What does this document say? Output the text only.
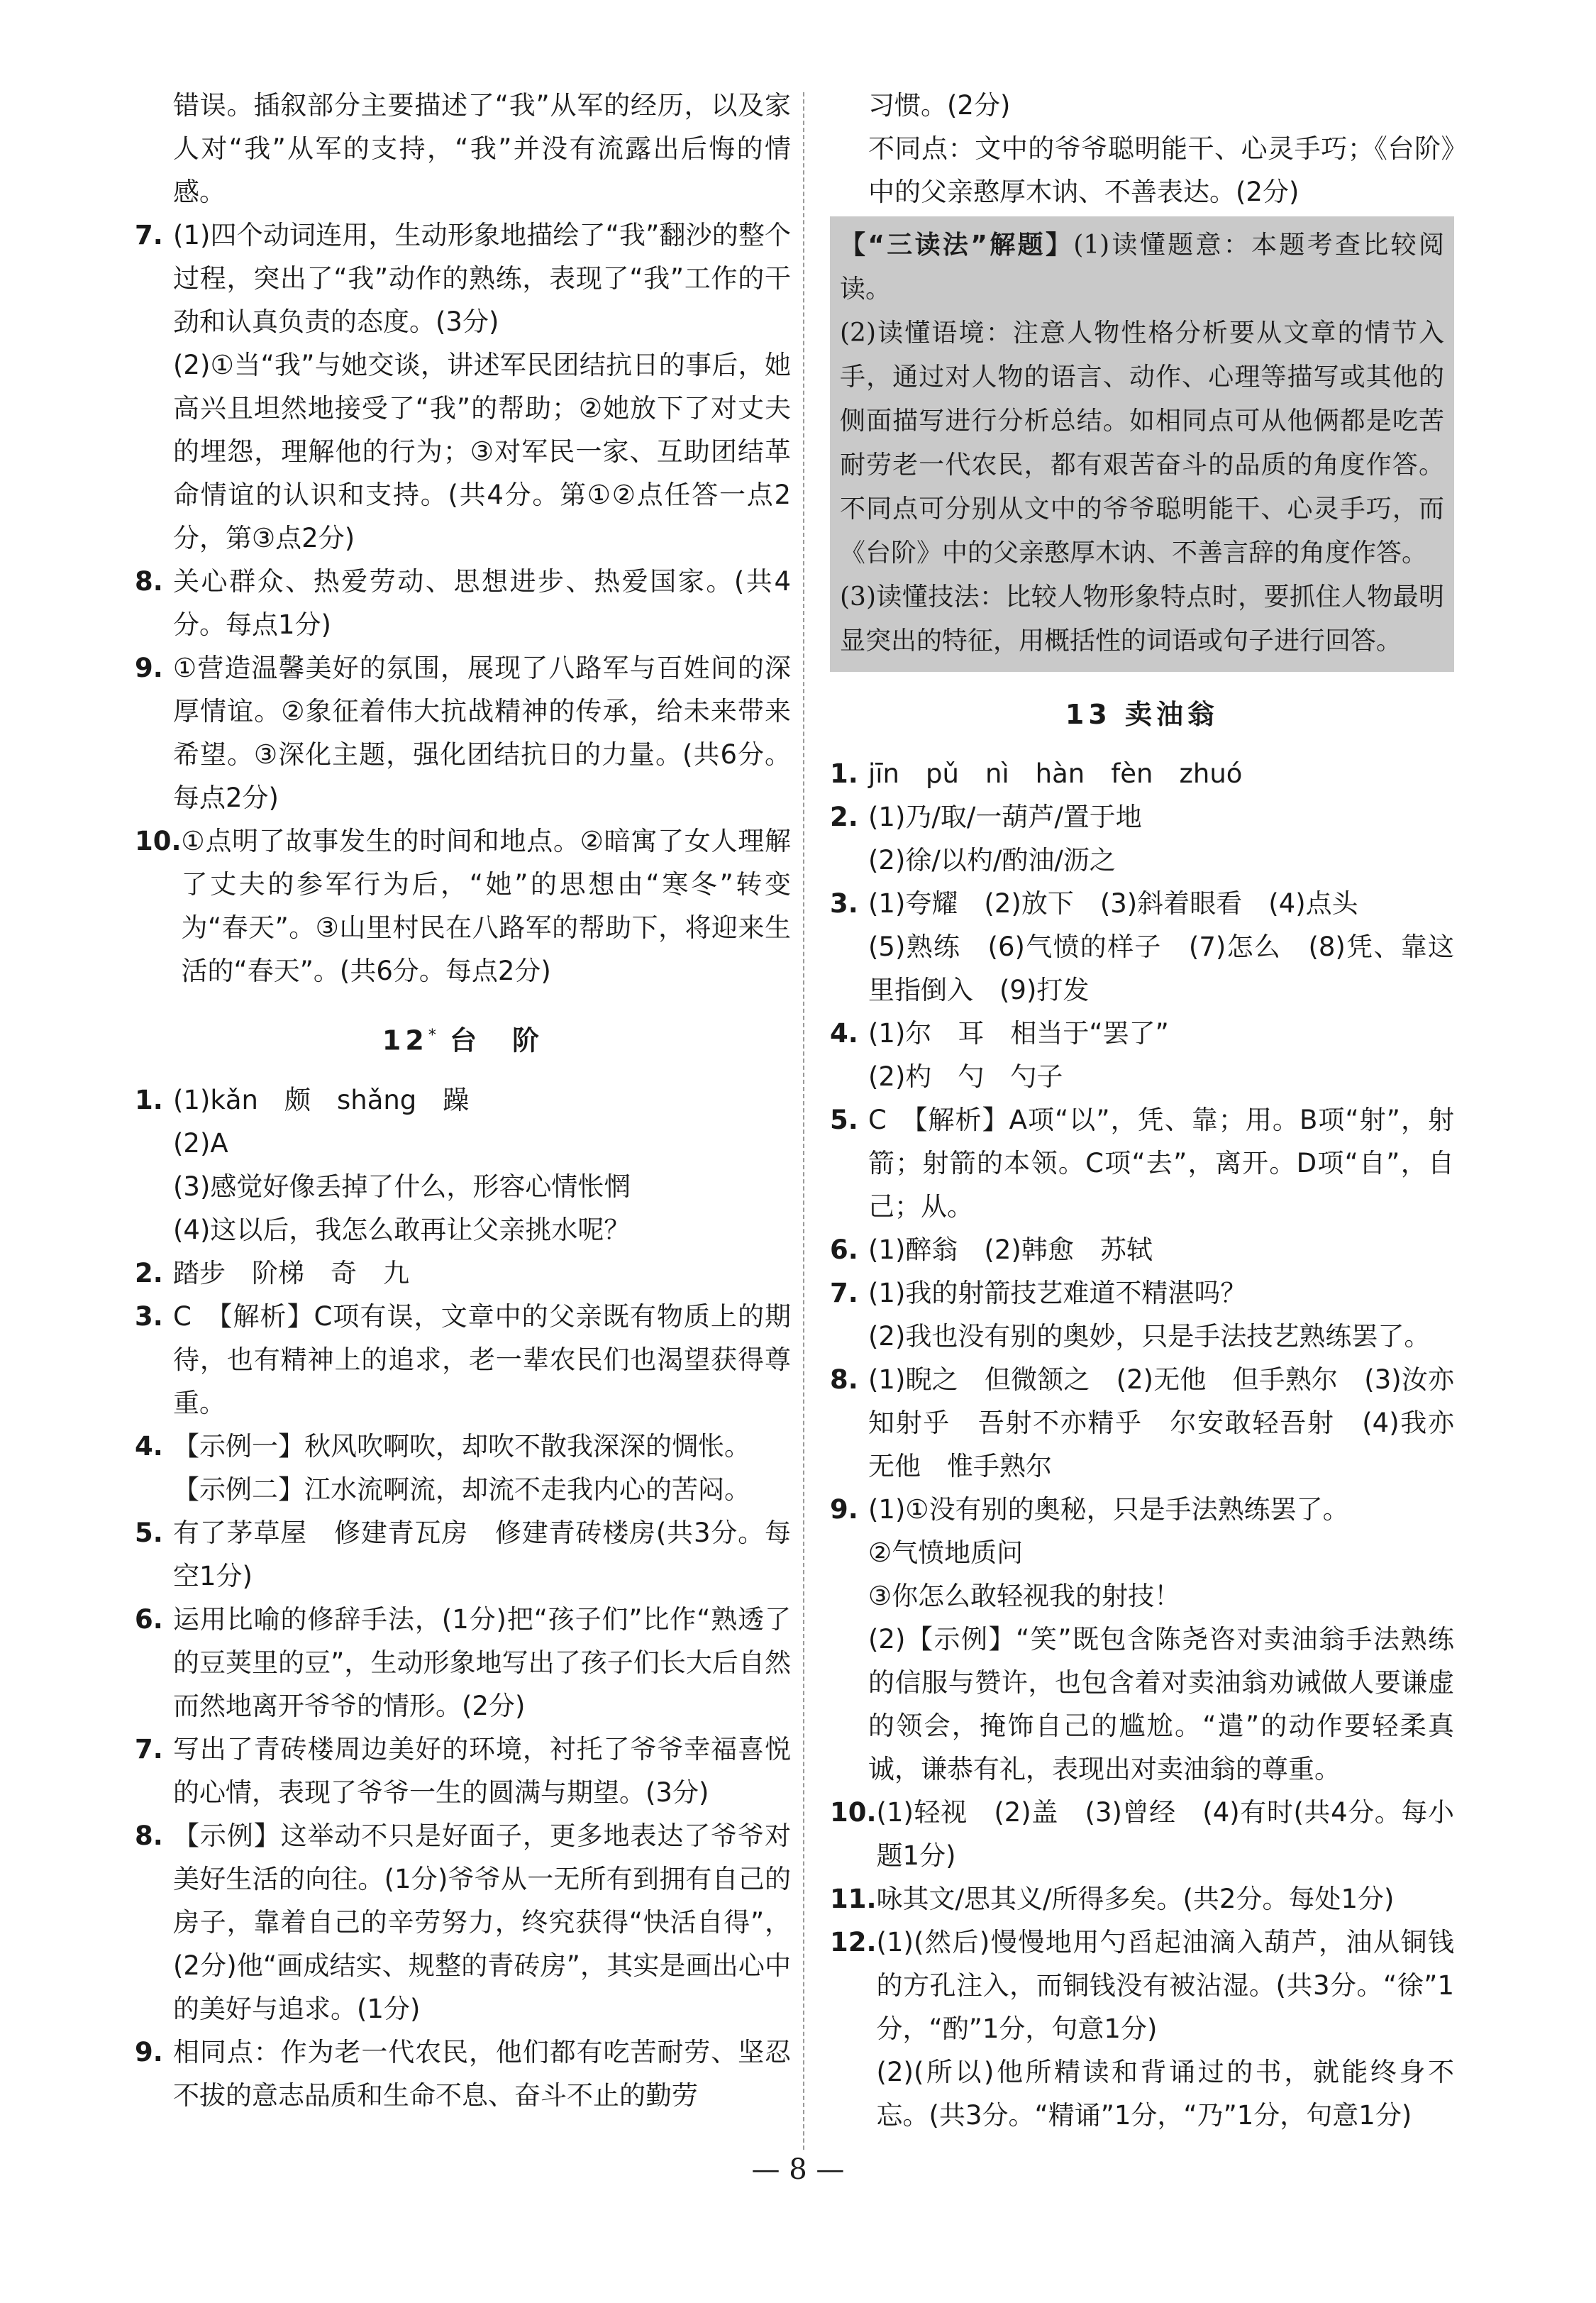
错误。插叙部分主要描述了“我”从军的经历，以及家人对“我”从军的支持，“我”并没有流露出后悔的情感。

7. (1)四个动词连用，生动形象地描绘了“我”翻沙的整个过程，突出了“我”动作的熟练，表现了“我”工作的干劲和认真负责的态度。(3分)

(2)①当“我”与她交谈，讲述军民团结抗日的事后，她高兴且坦然地接受了“我”的帮助；②她放下了对丈夫的埋怨，理解他的行为；③对军民一家、互助团结革命情谊的认识和支持。(共4分。第①②点任答一点2分，第③点2分)

8. 关心群众、热爱劳动、思想进步、热爱国家。(共4分。每点1分)

9. ①营造温馨美好的氛围，展现了八路军与百姓间的深厚情谊。②象征着伟大抗战精神的传承，给未来带来希望。③深化主题，强化团结抗日的力量。(共6分。每点2分)

10. ①点明了故事发生的时间和地点。②暗寓了女人理解了丈夫的参军行为后，“她”的思想由“寒冬”转变为“春天”。③山里村民在八路军的帮助下，将迎来生活的“春天”。(共6分。每点2分)

12* 台　阶
1. (1)kǎn　颇　shǎng　躁

(2)A

(3)感觉好像丢掉了什么，形容心情怅惘

(4)这以后，我怎么敢再让父亲挑水呢？

2. 踏步　阶梯　奇　九

3. C　【解析】C项有误，文章中的父亲既有物质上的期待，也有精神上的追求，老一辈农民们也渴望获得尊重。

4. 【示例一】秋风吹啊吹，却吹不散我深深的惆怅。

【示例二】江水流啊流，却流不走我内心的苦闷。

5. 有了茅草屋　修建青瓦房　修建青砖楼房(共3分。每空1分)

6. 运用比喻的修辞手法，(1分)把“孩子们”比作“熟透了的豆荚里的豆”，生动形象地写出了孩子们长大后自然而然地离开爷爷的情形。(2分)

7. 写出了青砖楼周边美好的环境，衬托了爷爷幸福喜悦的心情，表现了爷爷一生的圆满与期望。(3分)

8. 【示例】这举动不只是好面子，更多地表达了爷爷对美好生活的向往。(1分)爷爷从一无所有到拥有自己的房子，靠着自己的辛劳努力，终究获得“快活自得”，(2分)他“画成结实、规整的青砖房”，其实是画出心中的美好与追求。(1分)

9. 相同点：作为老一代农民，他们都有吃苦耐劳、坚忍不拔的意志品质和生命不息、奋斗不止的勤劳

习惯。(2分)

不同点：文中的爷爷聪明能干、心灵手巧；《台阶》中的父亲憨厚木讷、不善表达。(2分)

【“三读法”解题】(1)读懂题意：本题考查比较阅读。

(2)读懂语境：注意人物性格分析要从文章的情节入手，通过对人物的语言、动作、心理等描写或其他的侧面描写进行分析总结。如相同点可从他俩都是吃苦耐劳老一代农民，都有艰苦奋斗的品质的角度作答。不同点可分别从文中的爷爷聪明能干、心灵手巧，而《台阶》中的父亲憨厚木讷、不善言辞的角度作答。

(3)读懂技法：比较人物形象特点时，要抓住人物最明显突出的特征，用概括性的词语或句子进行回答。

13 卖油翁
1. jīn　pǔ　nì　hàn　fèn　zhuó

2. (1)乃/取/一葫芦/置于地

(2)徐/以杓/酌油/沥之

3. (1)夸耀　(2)放下　(3)斜着眼看　(4)点头

(5)熟练　(6)气愤的样子　(7)怎么　(8)凭、靠这里指倒入　(9)打发

4. (1)尔　耳　相当于“罢了”

(2)杓　勺　勺子

5. C　【解析】A项“以”，凭、靠；用。B项“射”，射箭；射箭的本领。C项“去”，离开。D项“自”，自己；从。

6. (1)醉翁　(2)韩愈　苏轼

7. (1)我的射箭技艺难道不精湛吗？

(2)我也没有别的奥妙，只是手法技艺熟练罢了。

8. (1)睨之　但微颔之　(2)无他　但手熟尔　(3)汝亦知射乎　吾射不亦精乎　尔安敢轻吾射　(4)我亦无他　惟手熟尔

9. (1)①没有别的奥秘，只是手法熟练罢了。

②气愤地质问

③你怎么敢轻视我的射技！

(2)【示例】“笑”既包含陈尧咨对卖油翁手法熟练的信服与赞许，也包含着对卖油翁劝诫做人要谦虚的领会，掩饰自己的尴尬。“遣”的动作要轻柔真诚，谦恭有礼，表现出对卖油翁的尊重。

10. (1)轻视　(2)盖　(3)曾经　(4)有时(共4分。每小题1分)

11. 咏其文/思其义/所得多矣。(共2分。每处1分)

12. (1)(然后)慢慢地用勺舀起油滴入葫芦，油从铜钱的方孔注入，而铜钱没有被沾湿。(共3分。“徐”1分，“酌”1分，句意1分)

(2)(所以)他所精读和背诵过的书，就能终身不忘。(共3分。“精诵”1分，“乃”1分，句意1分)

— 8 —
